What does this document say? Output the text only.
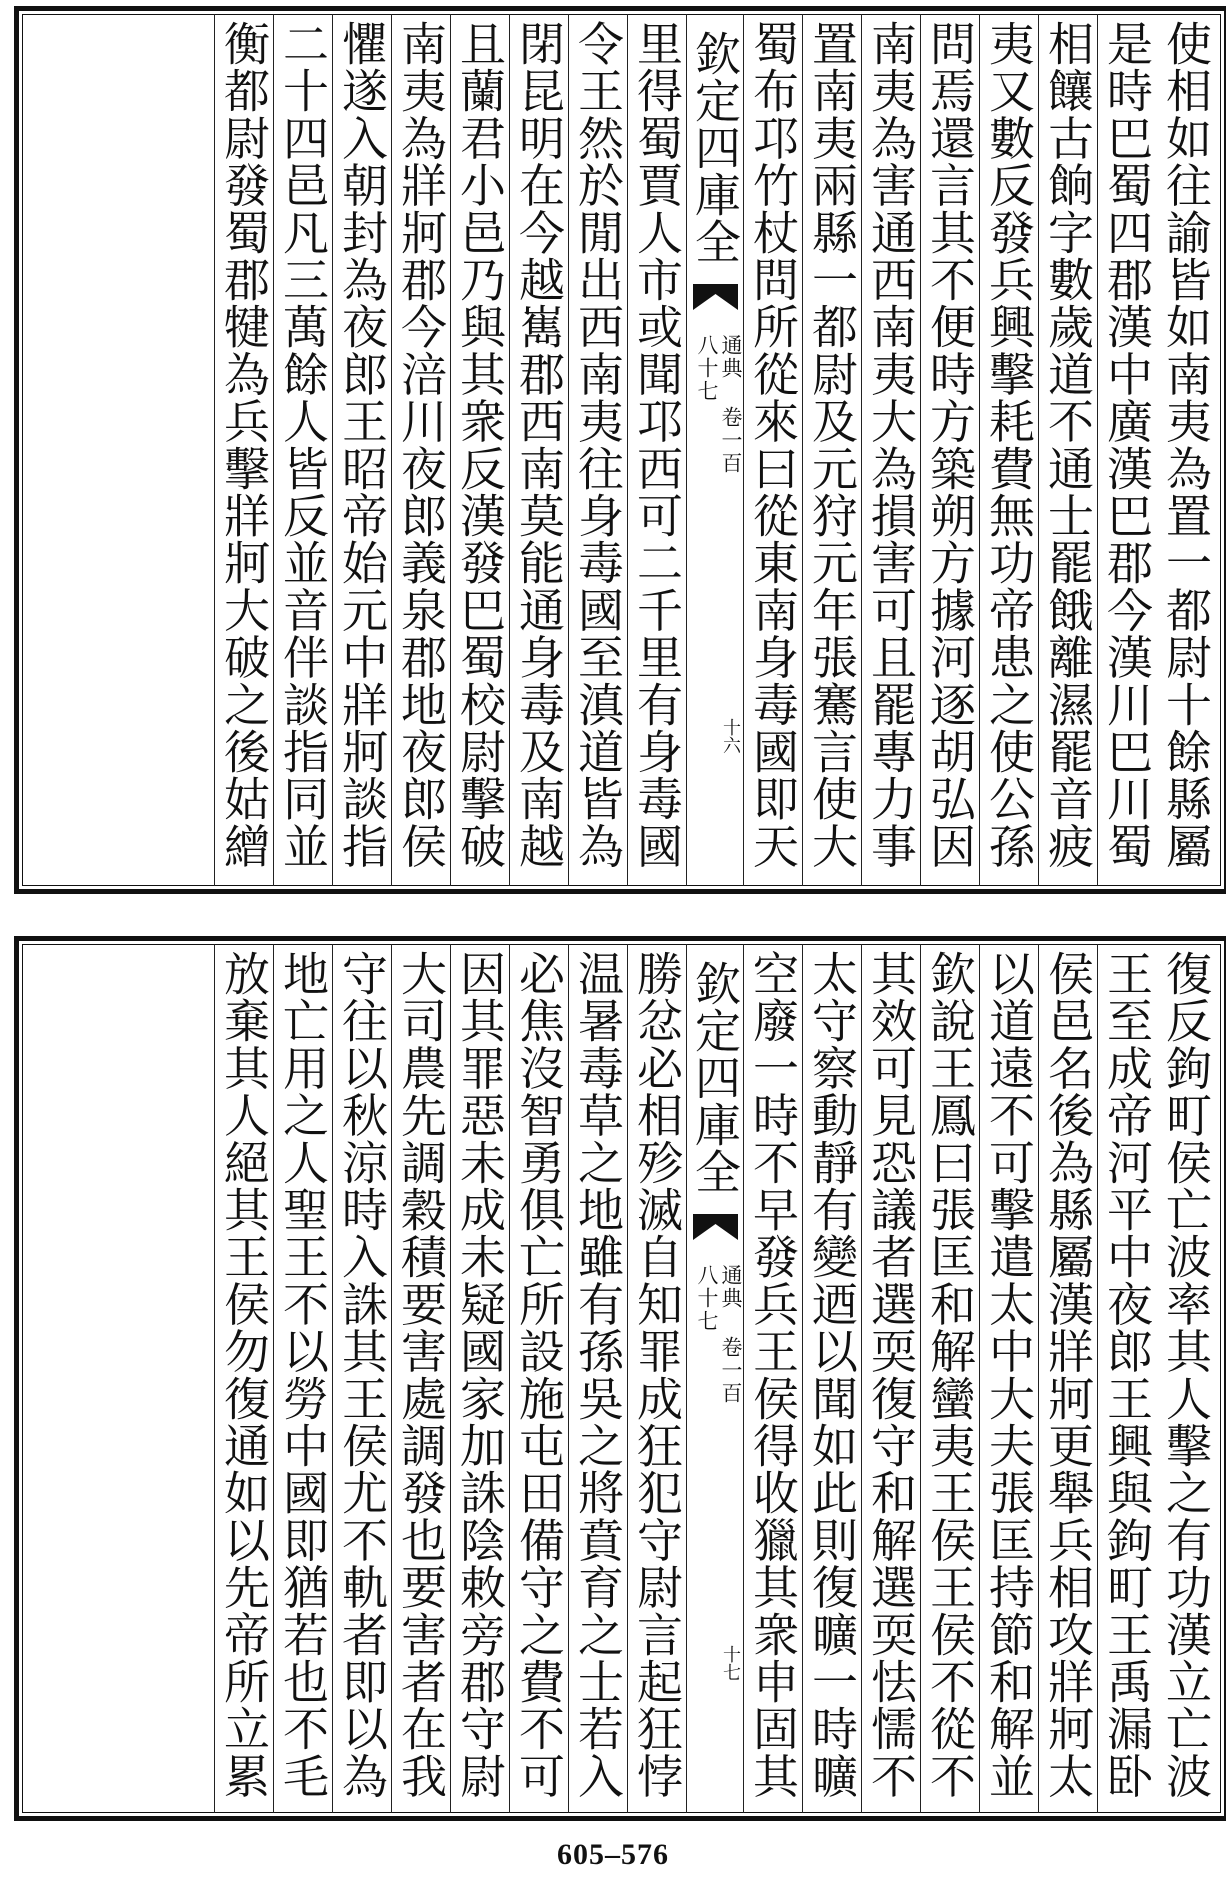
使相如往諭皆如南夷為置一都尉十餘縣屬
是時巴蜀四郡漢中廣漢巴郡今漢川巴川蜀
相饟古餉字數歲道不通士罷餓離濕罷音疲
夷又數反發兵興擊耗費無功帝患之使公孫
問焉還言其不便時方築朔方據河逐胡弘因
南夷為害通西南夷大為損害可且罷專力事
置南夷兩縣一都尉及元狩元年張騫言使大
蜀布邛竹杖問所從來曰從東南身毒國即天
欽定四庫全
通典 卷一百八十七
十六
里得蜀賈人市或聞邛西可二千里有身毒國
令王然於閒出西南夷往身毒國至滇道皆為
閉昆明在今越嶲郡西南莫能通身毒及南越
且蘭君小邑乃與其衆反漢發巴蜀校尉擊破
南夷為牂牁郡今涪川夜郎義泉郡地夜郎侯
懼遂入朝封為夜郎王昭帝始元中牂牁談指
二十四邑凡三萬餘人皆反並音伴談指同並
衡都尉發蜀郡犍為兵擊牂牁大破之後姑繒
復反鉤町侯亡波率其人擊之有功漢立亡波
王至成帝河平中夜郎王興與鉤町王禹漏卧
侯邑名後為縣屬漢牂牁更舉兵相攻牂牁太
以道遠不可擊遣太中大夫張匡持節和解並
欽說王鳳曰張匡和解蠻夷王侯王侯不從不
其效可見恐議者選耎復守和解選耎怯懦不
太守察動靜有變迺以聞如此則復曠一時曠
空廢一時不早發兵王侯得收獵其衆申固其
欽定四庫全
通典 卷一百八十七
十七
勝忿必相殄滅自知罪成狂犯守尉言起狂悖
温暑毒草之地雖有孫吳之將賁育之士若入
必焦沒智勇俱亡所設施屯田備守之費不可
因其罪惡未成未疑國家加誅陰敕旁郡守尉
大司農先調穀積要害處調發也要害者在我
守往以秋涼時入誅其王侯尤不軌者即以為
地亡用之人聖王不以勞中國即猶若也不毛
放棄其人絕其王侯勿復通如以先帝所立累
605–576
